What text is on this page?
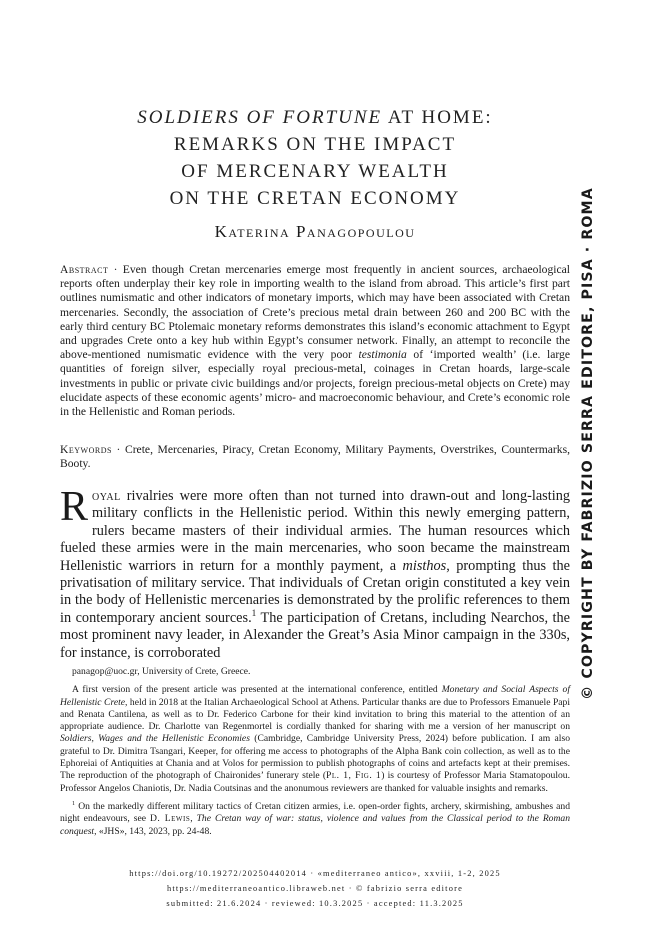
SOLDIERS OF FORTUNE AT HOME:
REMARKS ON THE IMPACT
OF MERCENARY WEALTH
ON THE CRETAN ECONOMY
Katerina Panagopoulou
Abstract · Even though Cretan mercenaries emerge most frequently in ancient sources, archaeological reports often underplay their key role in importing wealth to the island from abroad. This article’s first part outlines numismatic and other indicators of monetary imports, which may have been associated with Cretan mercenaries. Secondly, the association of Crete’s precious metal drain between 260 and 200 BC with the early third century BC Ptolemaic monetary reforms demonstrates this island’s economic attachment to Egypt and upgrades Crete onto a key hub within Egypt’s consumer network. Finally, an attempt to reconcile the above-mentioned numismatic evidence with the very poor testimonia of ‘imported wealth’ (i.e. large quantities of foreign silver, especially royal precious-metal, coinages in Cretan hoards, large-scale investments in public or private civic buildings and/or projects, foreign precious-metal objects on Crete) may elucidate aspects of these economic agents’ micro- and macroeconomic behaviour, and Crete’s economic role in the Hellenistic and Roman periods.
Keywords · Crete, Mercenaries, Piracy, Cretan Economy, Military Payments, Overstrikes, Countermarks, Booty.
Royal rivalries were more often than not turned into drawn-out and long-lasting military conflicts in the Hellenistic period. Within this newly emerging pattern, rulers became masters of their individual armies. The human resources which fueled these armies were in the main mercenaries, who soon became the mainstream Hellenistic warriors in return for a monthly payment, a misthos, prompting thus the privatisation of military service. That individuals of Cretan origin constituted a key vein in the body of Hellenistic mercenaries is demonstrated by the prolific references to them in contemporary ancient sources.$^1$ The participation of Cretans, including Nearchos, the most prominent navy leader, in Alexander the Great’s Asia Minor campaign in the 330s, for instance, is corroborated

panagop@uoc.gr, University of Crete, Greece.

A first version of the present article was presented at the international conference, entitled Monetary and Social Aspects of Hellenistic Crete, held in 2018 at the Italian Archaeological School at Athens. Particular thanks are due to Professors Emanuele Papi and Renata Cantilena, as well as to Dr. Federico Carbone for their kind invitation to bring this material to the attention of an appropriate audience. Dr. Charlotte van Regenmortel is cordially thanked for sharing with me a version of her manuscript on Soldiers, Wages and the Hellenistic Economies (Cambridge, Cambridge University Press, 2024) before publication. I am also grateful to Dr. Dimitra Tsangari, Keeper, for offering me access to photographs of the Alpha Bank coin collection, as well as to the Ephoreiai of Antiquities at Chania and at Volos for permission to publish photographs of coins and artefacts kept at their premises. The reproduction of the photograph of Chaironides’ funerary stele (Pl. 1, Fig. 1) is courtesy of Professor Maria Stamatopoulou. Professor Angelos Chaniotis, Dr. Nadia Coutsinas and the anonumous reviewers are thanked for valuable insights and remarks.

$^1$ On the markedly different military tactics of Cretan citizen armies, i.e. open-order fights, archery, skirmishing, ambushes and night endeavours, see D. Lewis, The Cretan way of war: status, violence and values from the Classical period to the Roman conquest, «JHS», 143, 2023, pp. 24-48.

https://doi.org/10.19272/202504402014 · «mediterraneo antico», xxviii, 1-2, 2025
https://mediterraneoantico.libraweb.net · © fabrizio serra editore
submitted: 21.6.2024 · reviewed: 10.3.2025 · accepted: 11.3.2025
© COPYRIGHT BY FABRIZIO SERRA EDITORE, PISA · ROMA
